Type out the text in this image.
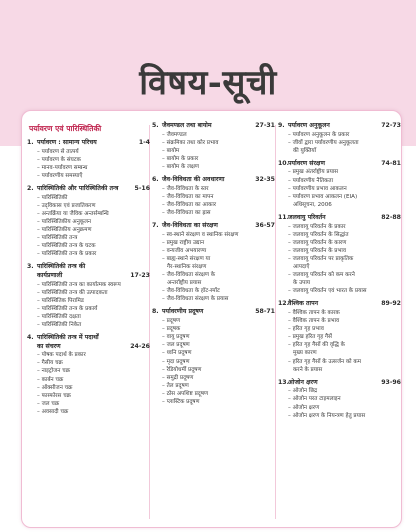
विषय-सूची
पर्यावरण एवं पारिस्थितिकी
1. पर्यावरण : सामान्य परिचय	1-4
– पर्यावरण से तात्पर्य
– पर्यावरण के संघटक
– मानव-पर्यावरण सम्बन्ध
– पर्यावरणीय समस्याएँ
2. पारिस्थितिकी और पारिस्थितिकी तन्त्र	5-16
– पारिस्थितिकी
– उद्‌विकास एवं प्रजातिकरण
– अन्तर्क्रिया या जैविक अन्तर्सम्बन्धि
– पारिस्थितिकीय अनुकूलन
– पारिस्थितिकीय अनुक्रमण
– पारिस्थितिकी तन्त्र
– पारिस्थितिकी तन्त्र के घटक
– पारिस्थितिकी तन्त्र के प्रकार
3. पारिस्थितिकी तन्त्र की
कार्यप्रणाली	17-23
– पारिस्थितिकी तन्त्र का कार्यात्मक स्वरूप
– पारिस्थितिकी तन्त्र की उत्पादकता
– पारिस्थितिक पिरामिड
– पारिस्थितिकी तन्त्र के प्रकार्य
– पारिस्थितिकी दक्षता
– पारिस्थितिकी निकेत
4. पारिस्थितिकी तन्त्र में पदार्थों
का संचरण	24-26
– पोषक पदार्थ के प्रकार
– गैसीय चक्र
– नाइट्रोजन चक्र
– कार्बन चक्र
– ऑक्सीजन चक्र
– फास्फोरस चक्र
– जल चक्र
– अवसादी चक्र
5. जैवमण्डल तथा बायोम	27-31
– जैवमण्डल
– संक्रमिका तथा कोर प्रभाव
– बायोम
– बायोम के प्रकार
– बायोम के लक्षण
6. जैव-विविधता की अवधारणा	32-35
– जैव-विविधता के स्तर
– जैव-विविधता का मापन
– जैव-विविधता का आकार
– जैव-विविधता का ह्रास
7. जैव-विविधता का संरक्षण	36-57
– स्व-स्थाने संरक्षण व स्थानिक संरक्षण
– प्रमुख राष्ट्रीय उद्यान
– वन्यजीव अभयारण्य
– बाह्य-स्थाने संरक्षण या
गैर-स्थानिक संरक्षण
– जैव-विविधता संरक्षण के
अन्तर्राष्ट्रीय प्रयास
– जैव-विविधता के हॉट-स्पॉट
– जैव-विविधता संरक्षण के प्रयास
8. पर्यावरणीय प्रदूषण	58-71
– प्रदूषण
– प्रदूषक
– वायु प्रदूषण
– जल प्रदूषण
– ध्वनि प्रदूषण
– मृदा प्रदूषण
– रेडियोधर्मी प्रदूषण
– समुद्री प्रदूषण
– तेल प्रदूषण
– ठोस अपशिष्ट प्रदूषण
– प्लास्टिक प्रदूषण
9. पर्यावरण अनुकूलन	72-73
– पर्यावरण अनुकूलन के प्रकार
– जीवों द्वारा पर्यावरणीय अनुकूलता
की युक्तियाँ
10. पर्यावरण संरक्षण	74-81
– प्रमुख अंतर्राष्ट्रीय प्रयास
– पर्यावरणीय नैतिकता
– पर्यावरणीय प्रभाव आकलन
– पर्यावरण प्रभाव आकलन (EIA)
अधिसूचना, 2006
11. जलवायु परिवर्तन	82-88
– जलवायु परिवर्तन के प्रकार
– जलवायु परिवर्तन के सिद्धांत
– जलवायु परिवर्तन के कारण
– जलवायु परिवर्तन के प्रभाव
– जलवायु परिवर्तन पर प्राकृतिक
आपदाएँ
– जलवायु परिवर्तन को कम करने
के उपाय
– जलवायु परिवर्तन एवं भारत के प्रयास
12. वैश्विक तापन	89-92
– वैश्विक तापन के कारक
– वैश्विक तापन के प्रभाव
– हरित गृह प्रभाव
– प्रमुख हरित गृह गैसें
– हरित गृह गैसों की वृद्धि के
मुख्य कारण
– हरित गृह गैसों के उत्सर्जन को कम
करने के प्रयास
13. ओजोन क्षरण	93-96
– ओजोन छिद्र
– ओजोन परत टाइमलाइन
– ओजोन क्षरण
– ओजोन क्षरण के नियन्त्रण हेतु प्रयास
